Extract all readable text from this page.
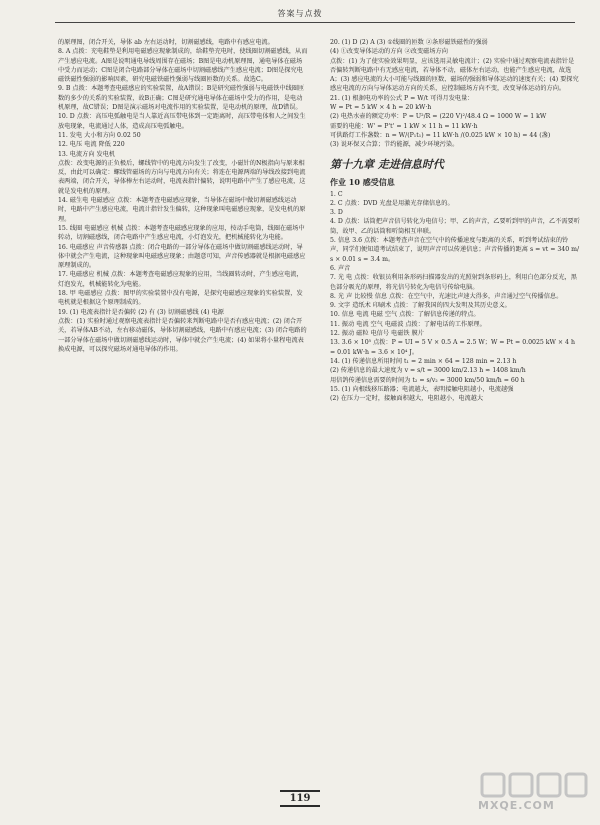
答案与点拨

的原理图，闭合开关，导体 ab 左右运动时，切割磁感线，电路中有感应电流。

8. A 点拨：充电鞋垫是利用电磁感应现象制成的，给鞋垫充电时，使线圈切割磁感线，从而产生感应电流。A图是说明通电导线周围存在磁场；B图是电动机原理图，通电导体在磁场中受力而运动；C图是闭合电路部分导体在磁场中切割磁感线产生感应电流；D图是探究电磁铁磁性强弱的影响因素，研究电磁铁磁性强弱与线圈匝数的关系。故选C。

9. B 点拨：本题考查电磁感应的实验装置，故A错误；B是研究磁性强弱与电磁铁中线圈匝数的多少的关系的实验装置，故B正确；C图是研究通电导体在磁场中受力的作用，是电动机原理，故C错误；D图是演示磁场对电流作用的实验装置，是电动机的原理，故D错误。

10. D 点拨：高压电弧触电是当人靠近高压带电体到一定距离时，高压带电体和人之间发生放电现象，电流通过人体，造成高压电弧触电。

11. 发电 大小和方向 0.02 50

12. 电压 电流 降低 220

13. 电流方向 发电机

点拨：改变电源的正负极后，螺线管中的电流方向发生了改变，小磁针的N极指向与原来相反，由此可以确定：螺线管磁场的方向与电流方向有关；将连在电源两端的导线改接到电流表两端，闭合开关，导体棒左右运动时，电流表指针偏转，说明电路中产生了感应电流，这就是发电机的原理。

14. 磁生电 电磁感应 点拨：本题考查电磁感应现象，当导体在磁场中做切割磁感线运动时，电路中产生感应电流，电流计指针发生偏转，这种现象叫电磁感应现象，是发电机的原理。

15. 线圈 电磁感应 机械 点拨：本题考查电磁感应现象的应用，按动手电筒，线圈在磁场中转动，切割磁感线，闭合电路中产生感应电流，小灯泡发光，把机械能转化为电能。

16. 电磁感应 声音传感器 点拨：闭合电路的一部分导体在磁场中做切割磁感线运动时，导体中就会产生电流，这种现象叫电磁感应现象；由题意可知，声音传感器就是根据电磁感应原理制成的。

17. 电磁感应 机械 点拨：本题考查电磁感应现象的应用，当线圈转动时，产生感应电流，灯泡发光，机械能转化为电能。

18. 甲 电磁感应 点拨：图甲的实验装置中没有电源，是探究电磁感应现象的实验装置，发电机就是根据这个原理制成的。

19. (1) 电流表指针是否偏转 (2) 有 (3) 切割磁感线 (4) 电源

点拨：(1) 实验时通过观察电流表指针是否偏转来判断电路中是否有感应电流；(2) 闭合开关，若导体AB不动，左右移动磁体，导体切割磁感线，电路中有感应电流；(3) 闭合电路的一部分导体在磁场中做切割磁感线运动时，导体中就会产生电流；(4) 如果将小量程电流表换成电源，可以探究磁场对通电导体的作用。

20. (1) D (2) A (3) ①线圈的匝数 ②条形磁铁磁性的强弱

(4) ①改变导体运动的方向 ②改变磁场方向

点拨：(1) 为了使实验效果明显，应该选用灵敏电流计；(2) 实验中通过观察电流表指针是否偏转判断电路中有无感应电流，若导体不动，磁体左右运动，也能产生感应电流，故选A；(3) 感应电流的大小可能与线圈的匝数、磁场的强弱和导体运动的速度有关；(4) 要探究感应电流的方向与导体运动方向的关系，应控制磁场方向不变，改变导体运动的方向。

21. (1) 根据电功率的公式 P = W/t 可得月发电量：

W = Pt = 5 kW × 4 h = 20 kW·h

(2) 电热水壶的额定功率：P = U²/R = (220 V)²/48.4 Ω = 1000 W = 1 kW

需要的电能：W' = P't' = 1 kW × 11 h = 11 kW·h

可供路灯工作盏数：n = W/(P₁t₁) = 11 kW·h /(0.025 kW × 10 h) = 44 (盏)

(3) 说环保又合算；节约能源，减少环境污染。

第十九章 走进信息时代
作业 10 感受信息

1. C

2. C 点拨：DVD 光盘是用激光存储信息的。

3. D

4. D 点拨：话筒把声音信号转化为电信号；甲、乙的声音，乙要听到甲的声音，乙不需要听筒，故甲、乙的话筒和听筒相互串联。

5. 信息 3.6 点拨：本题考查声音在空气中的传播速度与距离的关系，听到考试结束的铃声，同学们便知道考试结束了，说明声音可以传递信息；声音传播的距离 s = vt = 340 m/s × 0.01 s = 3.4 m。

6. 声音

7. 光 电 点拨：收银员利用条形码扫描器发出的光照射到条形码上，利用白色部分反光，黑色部分吸光的原理，将光信号转化为电信号传给电脑。

8. 光 声 比较慢 信息 点拨：在空气中，光速比声速大得多，声音通过空气传播信息。

9. 文字 造纸术 印刷术 点拨：了解我国的四大发明及其历史意义。

10. 信息 电流 电磁 空气 点拨：了解信息传递的特点。

11. 振动 电流 空气 电磁波 点拨：了解电话的工作原理。

12. 振动 磁粒 电信号 电磁铁 膜片

13. 3.6 × 10⁵ 点拨：P = UI = 5 V × 0.5 A = 2.5 W；W = Pt = 0.0025 kW × 4 h = 0.01 kW·h = 3.6 × 10⁴ J。

14. (1) 传递信息所用时间 t₁ = 2 min × 64 = 128 min = 2.13 h

(2) 传递信息的最大速度为 v = s/t = 3000 km/2.13 h ≈ 1408 km/h

用信鸽传递信息需要的时间为 t₂ = s/v₂ = 3000 km/50 km/h = 60 h

15. (1) 向根线移压路器；电流越大，表明接触电阻越小，电流越强

(2) 在压力一定时，接触面积越大，电阻越小，电流越大

119
MXQE.COM
